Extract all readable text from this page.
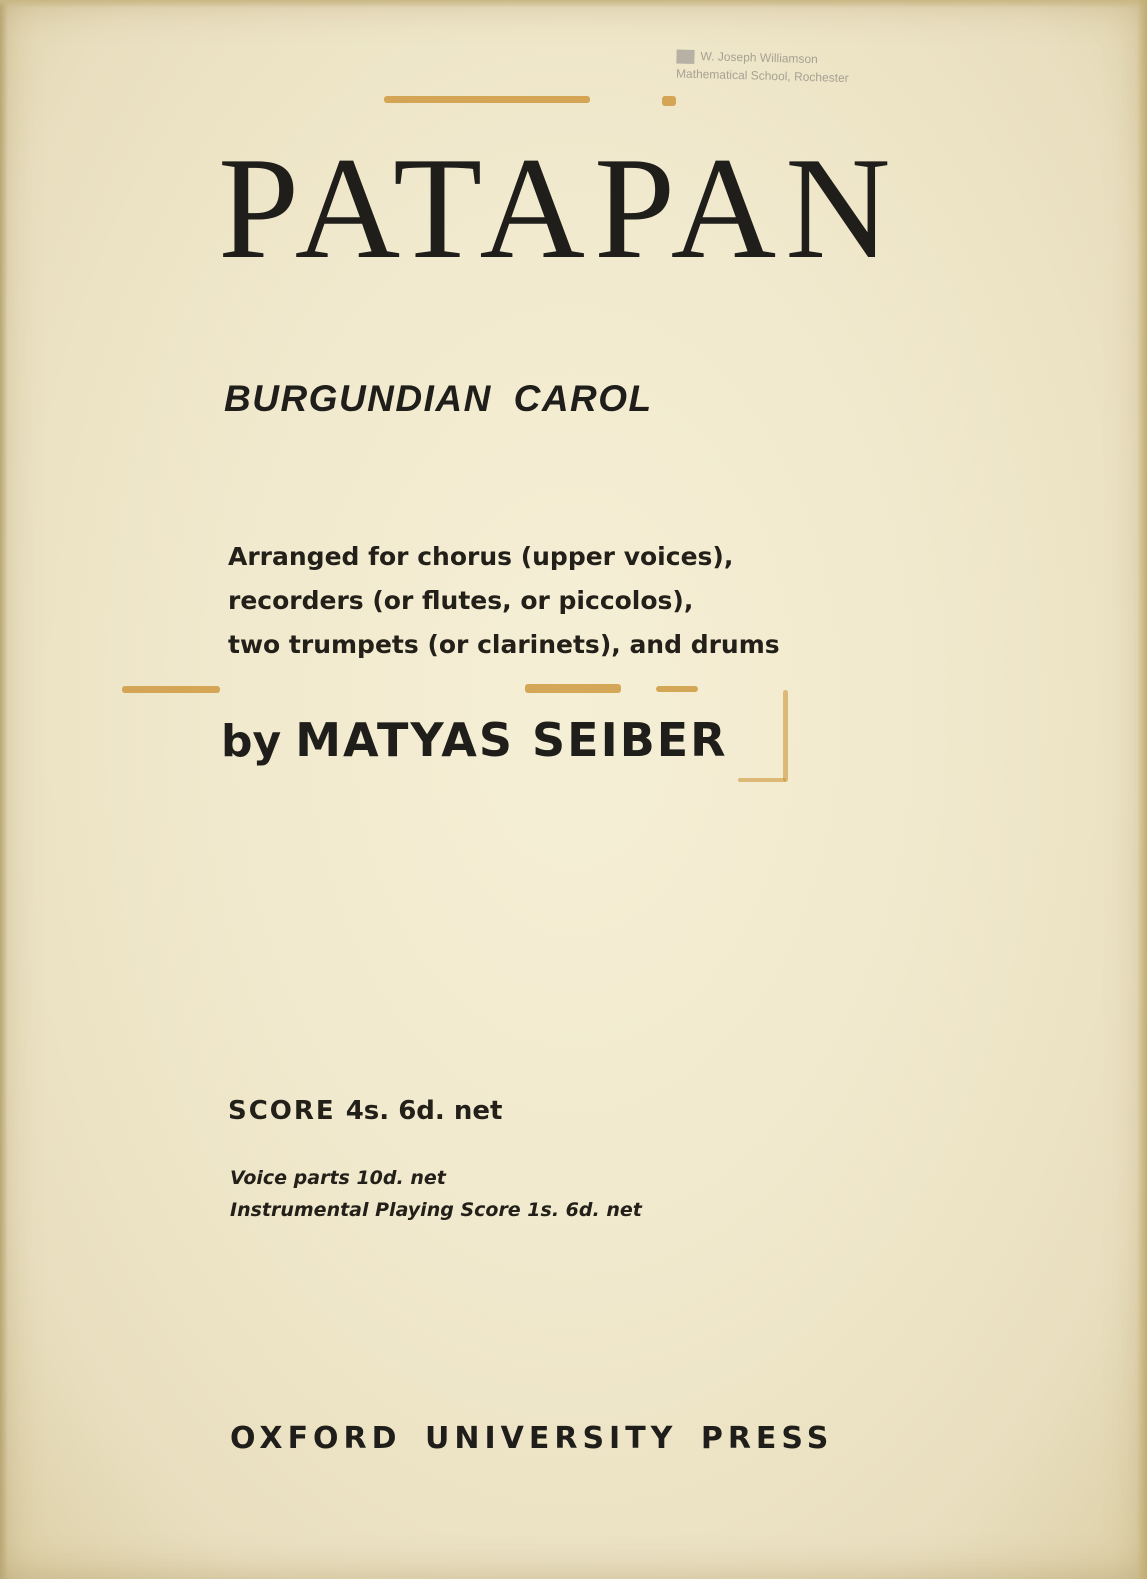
W. Joseph Williamson
Mathematical School, Rochester
PATAPAN
BURGUNDIAN CAROL
Arranged for chorus (upper voices),
recorders (or flutes, or piccolos),
two trumpets (or clarinets), and drums
by MATYAS SEIBER
SCORE 4s. 6d. net
Voice parts 10d. net
Instrumental Playing Score 1s. 6d. net
OXFORD UNIVERSITY PRESS
